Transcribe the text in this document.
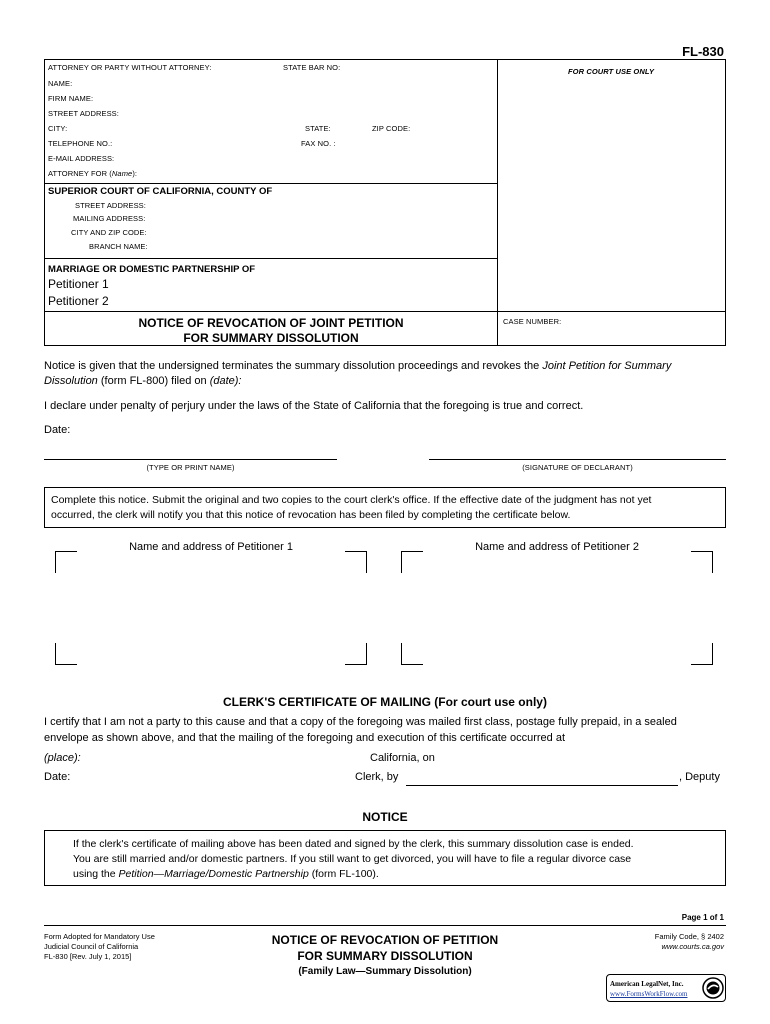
FL-830
ATTORNEY OR PARTY WITHOUT ATTORNEY:	STATE BAR NO:	FOR COURT USE ONLY
NAME:
FIRM NAME:
STREET ADDRESS:
CITY:	STATE:	ZIP CODE:
TELEPHONE NO.:	FAX NO. :
E-MAIL ADDRESS:
ATTORNEY FOR (Name):
SUPERIOR COURT OF CALIFORNIA, COUNTY OF
STREET ADDRESS:
MAILING ADDRESS:
CITY AND ZIP CODE:
BRANCH NAME:
MARRIAGE OR DOMESTIC PARTNERSHIP OF
Petitioner 1
Petitioner 2
NOTICE OF REVOCATION OF JOINT PETITION
FOR SUMMARY DISSOLUTION
CASE NUMBER:
Notice is given that the undersigned terminates the summary dissolution proceedings and revokes the Joint Petition for Summary
Dissolution (form FL-800) filed on (date):
I declare under penalty of perjury under the laws of the State of California that the foregoing is true and correct.
Date:
(TYPE OR PRINT NAME)	(SIGNATURE OF DECLARANT)
Complete this notice. Submit the original and two copies to the court clerk's office. If the effective date of the judgment has not yet
occurred, the clerk will notify you that this notice of revocation has been filed by completing the certificate below.
Name and address of Petitioner 1	Name and address of Petitioner 2
CLERK'S CERTIFICATE OF MAILING (For court use only)
I certify that I am not a party to this cause and that a copy of the foregoing was mailed first class, postage fully prepaid, in a sealed
envelope as shown above, and that the mailing of the foregoing and execution of this certificate occurred at
(place):	California, on
Date:	Clerk, by	, Deputy
NOTICE
If the clerk's certificate of mailing above has been dated and signed by the clerk, this summary dissolution case is ended.
You are still married and/or domestic partners. If you still want to get divorced, you will have to file a regular divorce case
using the Petition—Marriage/Domestic Partnership (form FL-100).
Page 1 of 1
Form Adopted for Mandatory Use
Judicial Council of California
FL-830 [Rev. July 1, 2015]
NOTICE OF REVOCATION OF PETITION
FOR SUMMARY DISSOLUTION
(Family Law—Summary Dissolution)
Family Code, § 2402
www.courts.ca.gov
American LegalNet, Inc.
www.FormsWorkFlow.com
